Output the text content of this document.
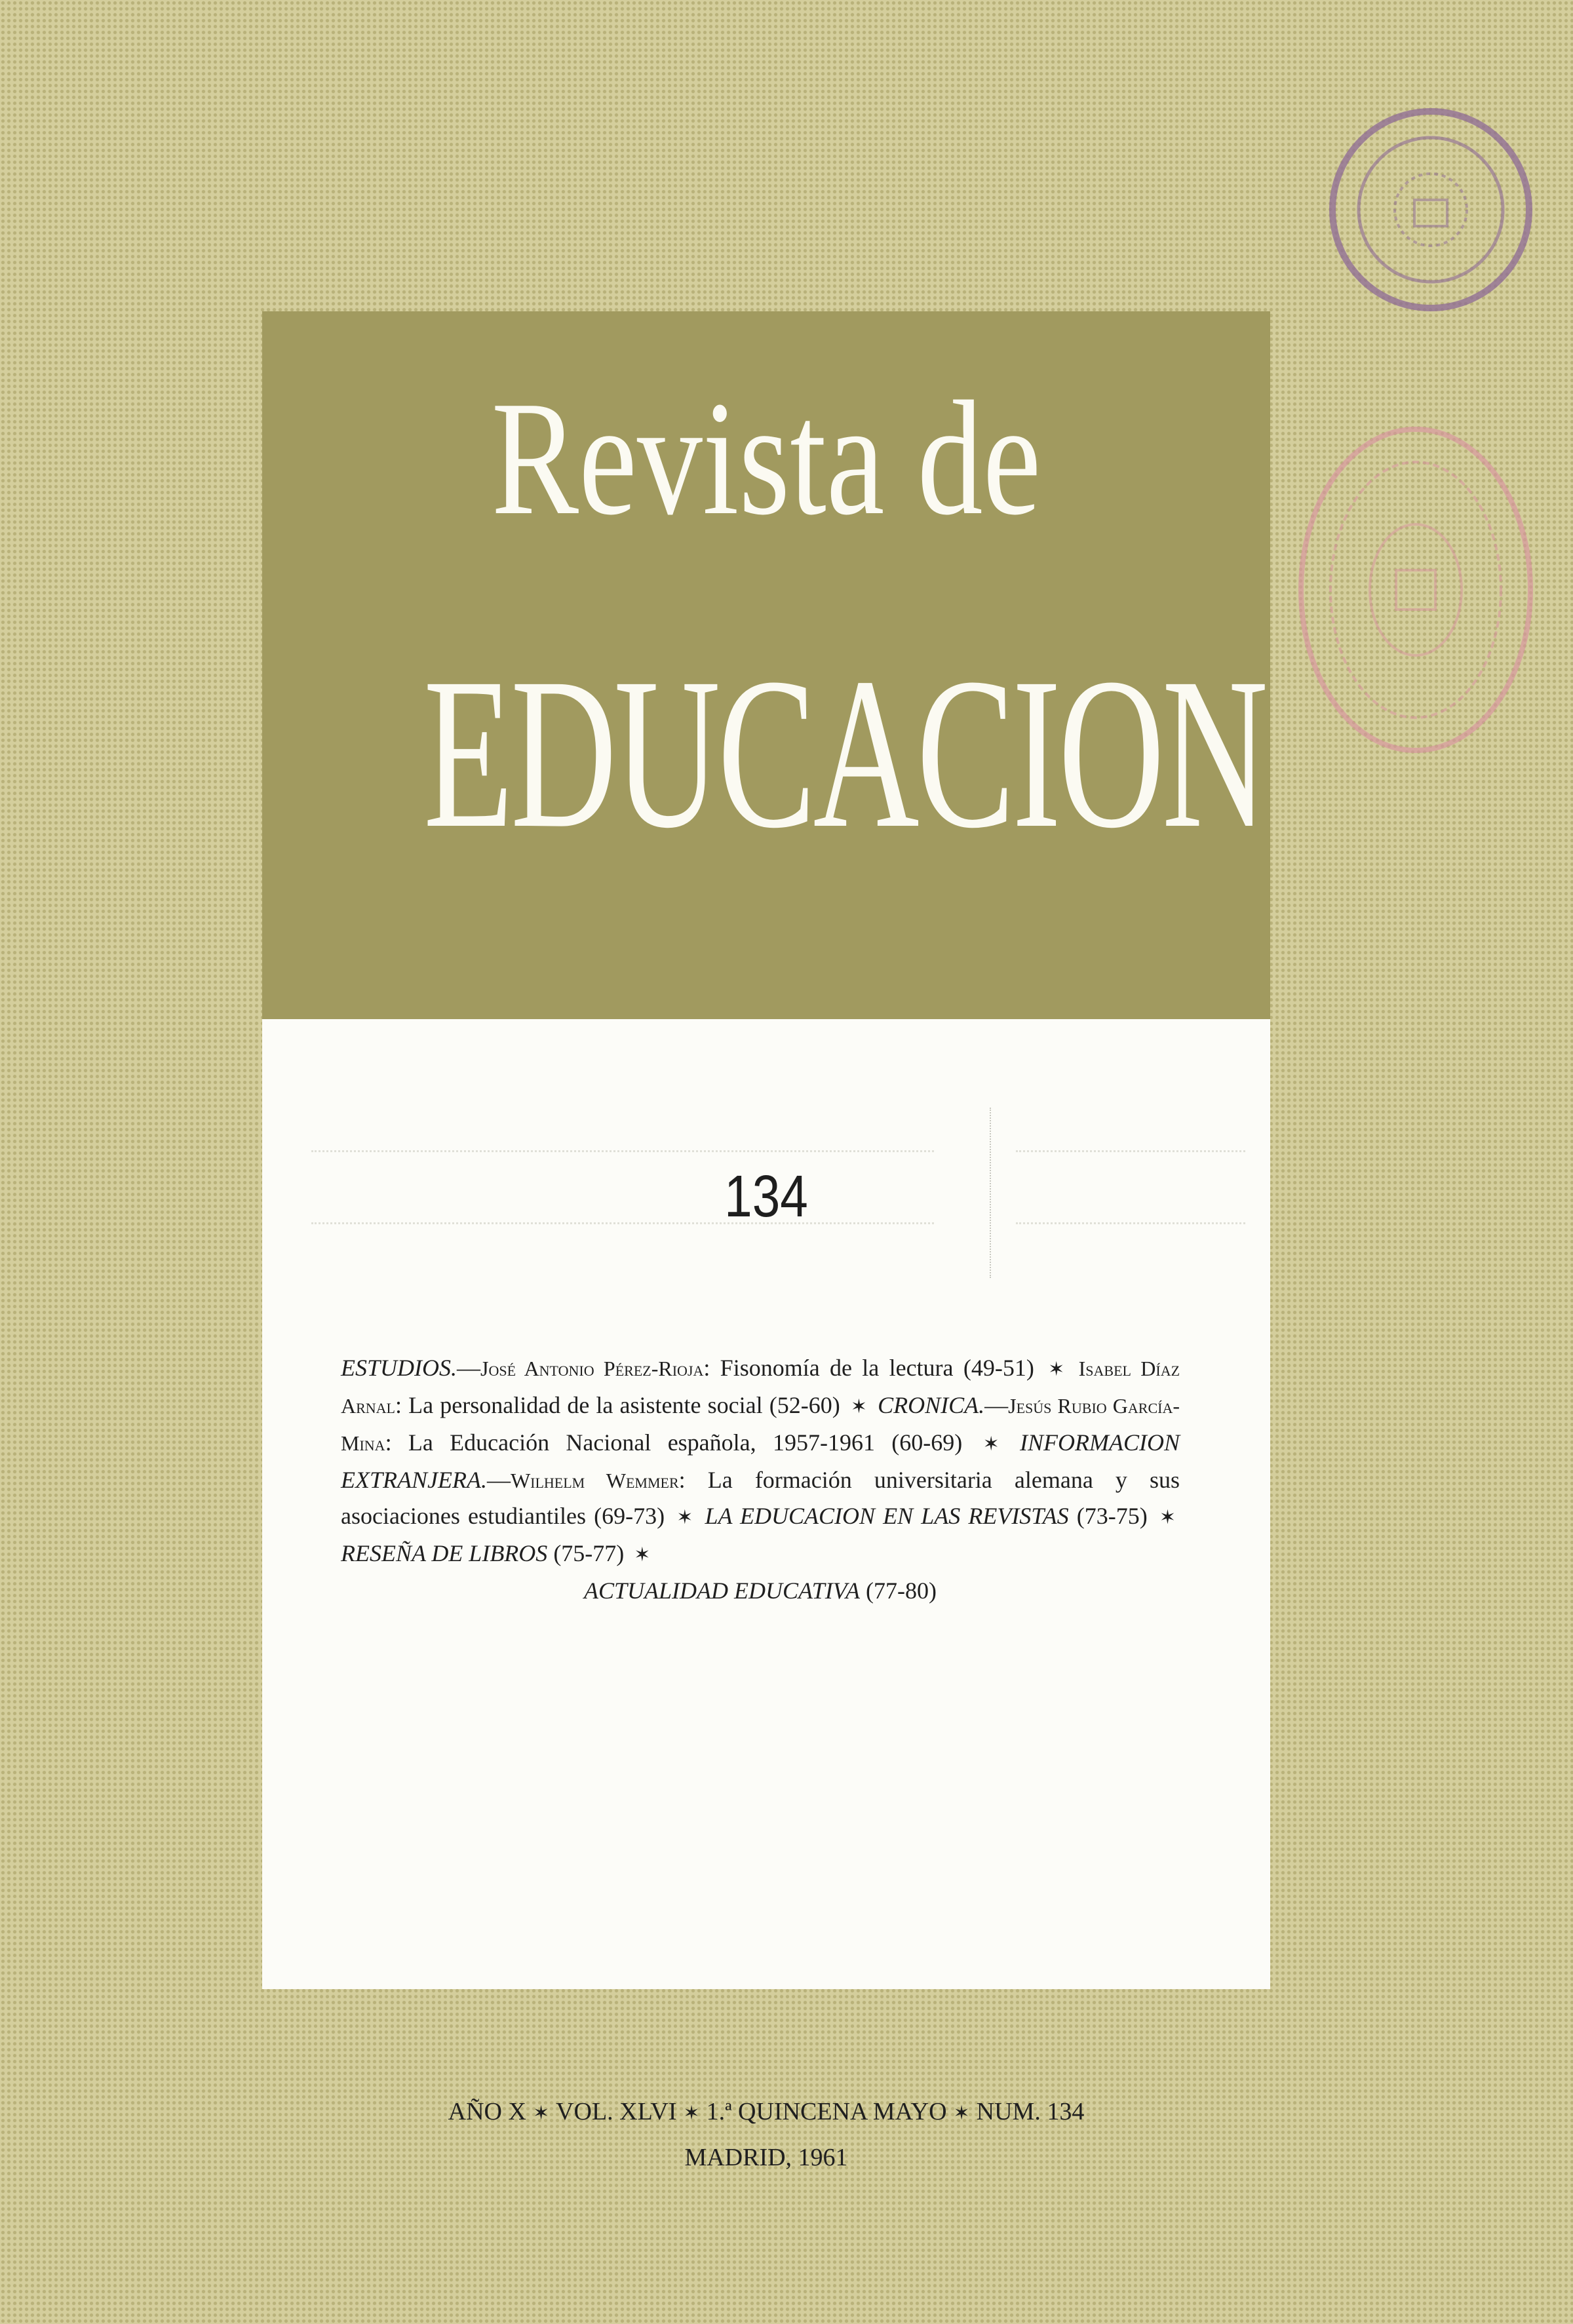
Revista de
EDUCACION
134
ESTUDIOS.—José Antonio Pérez-Rioja: Fisonomía de la lectura (49-51) ✶ Isabel Díaz Arnal: La personalidad de la asistente social (52-60) ✶ CRONICA.—Jesús Rubio García-Mina: La Educación Nacional española, 1957-1961 (60-69) ✶ INFORMACION EXTRANJERA.—Wilhelm Wemmer: La formación universitaria alemana y sus asociaciones estudiantiles (69-73) ✶ LA EDUCACION EN LAS REVISTAS (73-75) ✶ RESEÑA DE LIBROS (75-77) ✶
ACTUALIDAD EDUCATIVA (77-80)
AÑO X ✶ VOL. XLVI ✶ 1.ª QUINCENA MAYO ✶ NUM. 134
MADRID, 1961
